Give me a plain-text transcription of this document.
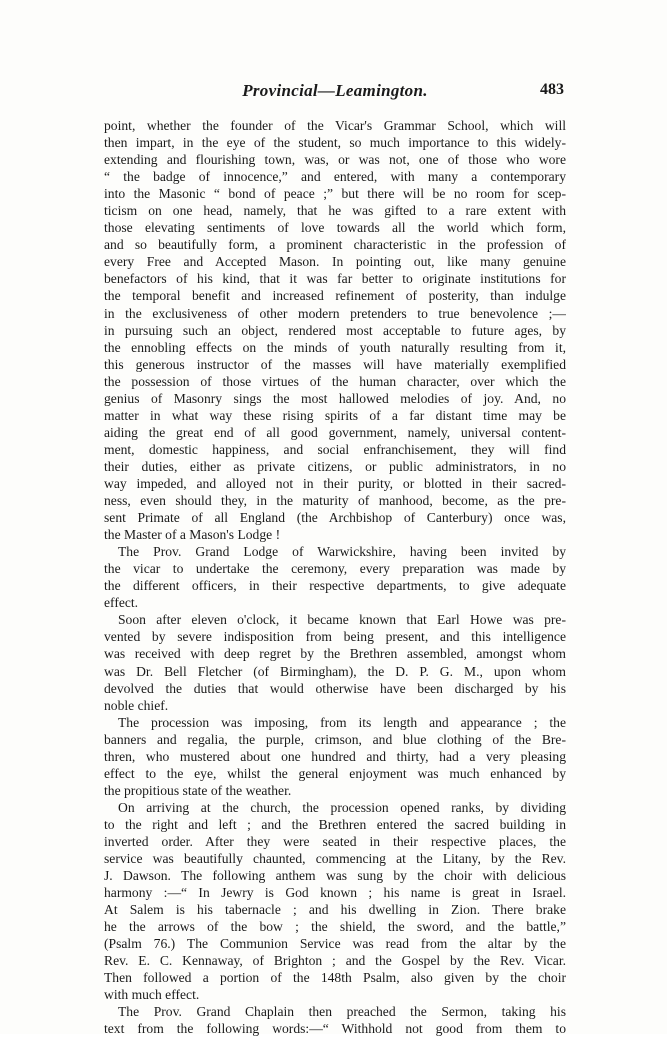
Provincial—Leamington.	483
point, whether the founder of the Vicar's Grammar School, which will
then impart, in the eye of the student, so much importance to this widely-
extending and flourishing town, was, or was not, one of those who wore
“ the badge of innocence,” and entered, with many a contemporary
into the Masonic “ bond of peace ;” but there will be no room for scep-
ticism on one head, namely, that he was gifted to a rare extent with
those elevating sentiments of love towards all the world which form,
and so beautifully form, a prominent characteristic in the profession of
every Free and Accepted Mason. In pointing out, like many genuine
benefactors of his kind, that it was far better to originate institutions for
the temporal benefit and increased refinement of posterity, than indulge
in the exclusiveness of other modern pretenders to true benevolence ;—
in pursuing such an object, rendered most acceptable to future ages, by
the ennobling effects on the minds of youth naturally resulting from it,
this generous instructor of the masses will have materially exemplified
the possession of those virtues of the human character, over which the
genius of Masonry sings the most hallowed melodies of joy. And, no
matter in what way these rising spirits of a far distant time may be
aiding the great end of all good government, namely, universal content-
ment, domestic happiness, and social enfranchisement, they will find
their duties, either as private citizens, or public administrators, in no
way impeded, and alloyed not in their purity, or blotted in their sacred-
ness, even should they, in the maturity of manhood, become, as the pre-
sent Primate of all England (the Archbishop of Canterbury) once was,
the Master of a Mason's Lodge !
The Prov. Grand Lodge of Warwickshire, having been invited by
the vicar to undertake the ceremony, every preparation was made by
the different officers, in their respective departments, to give adequate
effect.
Soon after eleven o'clock, it became known that Earl Howe was pre-
vented by severe indisposition from being present, and this intelligence
was received with deep regret by the Brethren assembled, amongst whom
was Dr. Bell Fletcher (of Birmingham), the D. P. G. M., upon whom
devolved the duties that would otherwise have been discharged by his
noble chief.
The procession was imposing, from its length and appearance ; the
banners and regalia, the purple, crimson, and blue clothing of the Bre-
thren, who mustered about one hundred and thirty, had a very pleasing
effect to the eye, whilst the general enjoyment was much enhanced by
the propitious state of the weather.
On arriving at the church, the procession opened ranks, by dividing
to the right and left ; and the Brethren entered the sacred building in
inverted order. After they were seated in their respective places, the
service was beautifully chaunted, commencing at the Litany, by the Rev.
J. Dawson. The following anthem was sung by the choir with delicious
harmony :—“ In Jewry is God known ; his name is great in Israel.
At Salem is his tabernacle ; and his dwelling in Zion. There brake
he the arrows of the bow ; the shield, the sword, and the battle,”
(Psalm 76.) The Communion Service was read from the altar by the
Rev. E. C. Kennaway, of Brighton ; and the Gospel by the Rev. Vicar.
Then followed a portion of the 148th Psalm, also given by the choir
with much effect.
The Prov. Grand Chaplain then preached the Sermon, taking his
text from the following words:—“ Withhold not good from them to
